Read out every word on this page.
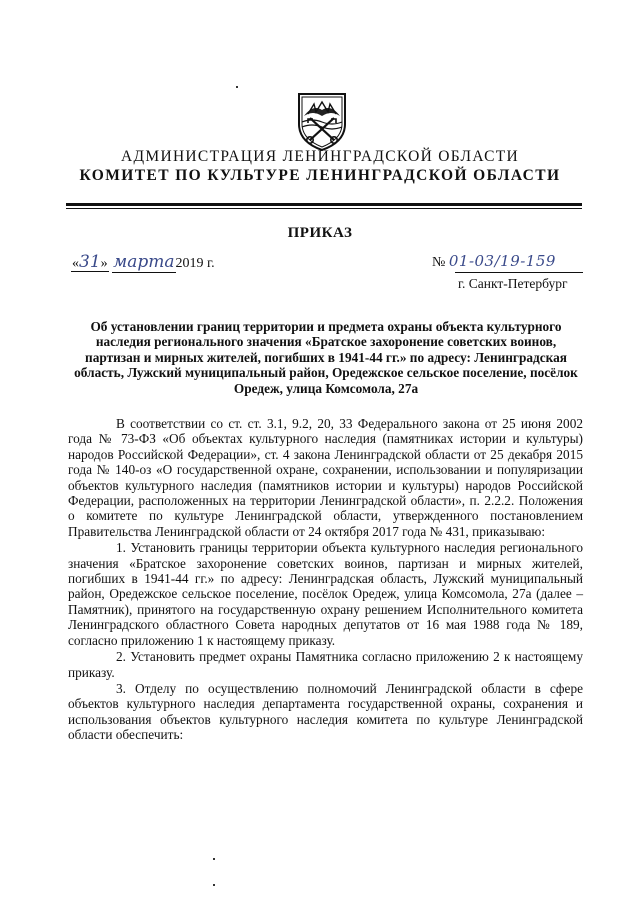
АДМИНИСТРАЦИЯ ЛЕНИНГРАДСКОЙ ОБЛАСТИ
КОМИТЕТ ПО КУЛЬТУРЕ ЛЕНИНГРАДСКОЙ ОБЛАСТИ
ПРИКАЗ
«31» марта2019 г.	№ 01-03/19-159
г. Санкт-Петербург
Об установлении границ территории и предмета охраны объекта культурного наследия регионального значения «Братское захоронение советских воинов, партизан и мирных жителей, погибших в 1941-44 гг.» по адресу: Ленинградская область, Лужский муниципальный район, Оредежское сельское поселение, посёлок Оредеж, улица Комсомола, 27а

В соответствии со ст. ст. 3.1, 9.2, 20, 33 Федерального закона от 25 июня 2002 года № 73-ФЗ «Об объектах культурного наследия (памятниках истории и культуры) народов Российской Федерации», ст. 4 закона Ленинградской области от 25 декабря 2015 года № 140-оз «О государственной охране, сохранении, использовании и популяризации объектов культурного наследия (памятников истории и культуры) народов Российской Федерации, расположенных на территории Ленинградской области», п. 2.2.2. Положения о комитете по культуре Ленинградской области, утвержденного постановлением Правительства Ленинградской области от 24 октября 2017 года № 431, приказываю:

1. Установить границы территории объекта культурного наследия регионального значения «Братское захоронение советских воинов, партизан и мирных жителей, погибших в 1941-44 гг.» по адресу: Ленинградская область, Лужский муниципальный район, Оредежское сельское поселение, посёлок Оредеж, улица Комсомола, 27а (далее – Памятник), принятого на государственную охрану решением Исполнительного комитета Ленинградского областного Совета народных депутатов от 16 мая 1988 года № 189, согласно приложению 1 к настоящему приказу.

2. Установить предмет охраны Памятника согласно приложению 2 к настоящему приказу.

3. Отделу по осуществлению полномочий Ленинградской области в сфере объектов культурного наследия департамента государственной охраны, сохранения и использования объектов культурного наследия комитета по культуре Ленинградской области обеспечить:
